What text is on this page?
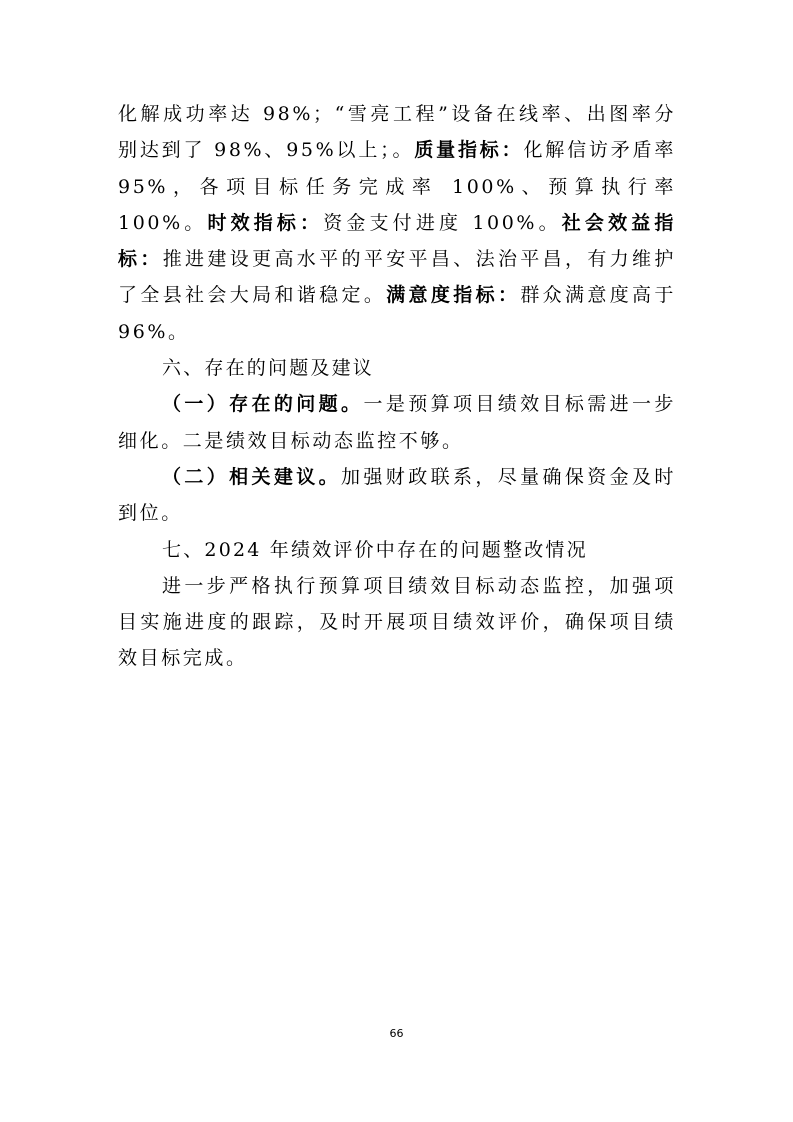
化解成功率达 98%；“雪亮工程”设备在线率、出图率分别达到了 98%、95%以上；。质量指标：化解信访矛盾率 95%，各项目标任务完成率 100%、预算执行率 100%。时效指标：资金支付进度 100%。社会效益指标：推进建设更高水平的平安平昌、法治平昌，有力维护了全县社会大局和谐稳定。满意度指标：群众满意度高于 96%。

六、存在的问题及建议

（一）存在的问题。一是预算项目绩效目标需进一步细化。二是绩效目标动态监控不够。

（二）相关建议。加强财政联系，尽量确保资金及时到位。

七、2024 年绩效评价中存在的问题整改情况

进一步严格执行预算项目绩效目标动态监控，加强项目实施进度的跟踪，及时开展项目绩效评价，确保项目绩效目标完成。

66
